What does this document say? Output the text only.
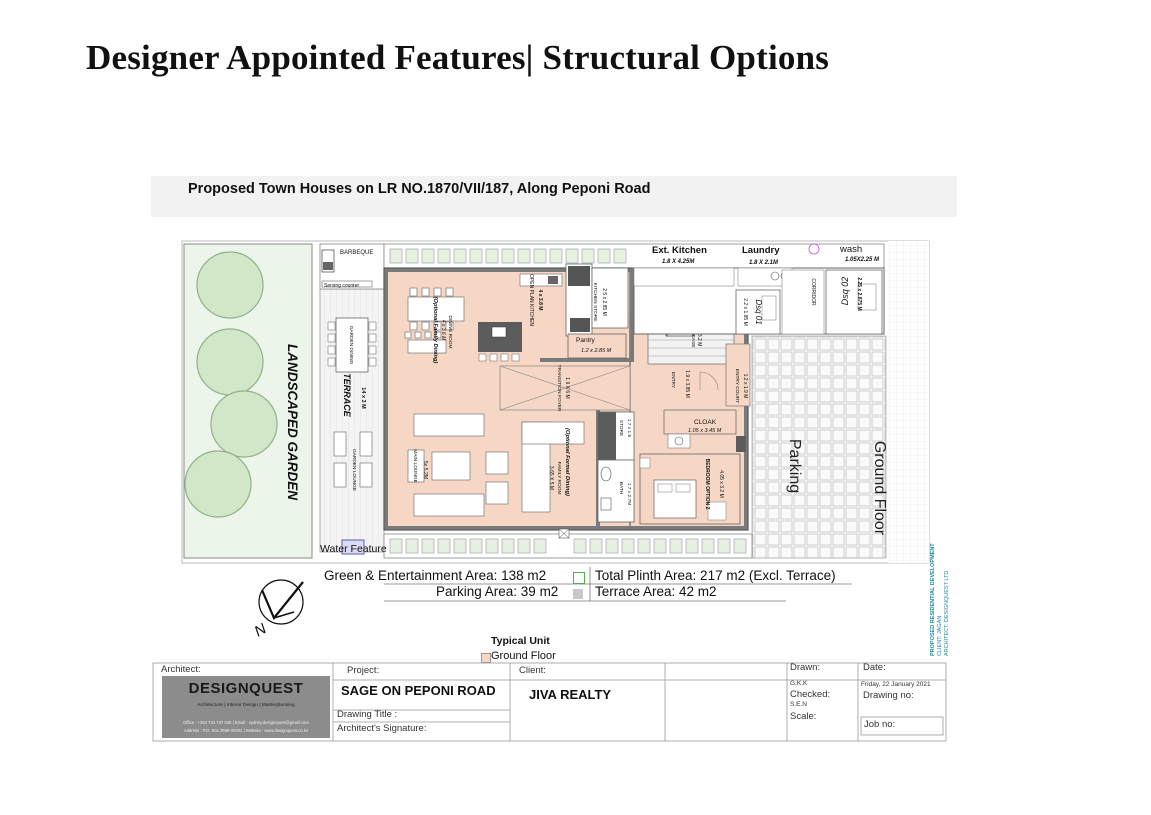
Designer Appointed Features| Structural Options
Proposed Town Houses on LR NO.1870/VII/187, Along Peponi Road
LANDSCAPED GARDEN
BARBEQUE
Serving counter
GARDEN DINING
TERRACE 14 x 3 M
GARDEN LOUNGE
(Optional Family Dining) 4 x 3.6 M DINING ROOM
OPEN PLAN KITCHEN 4 x 3.8 M
TRANSITION FOYER 1.9 X 6 M
MAIN LOUNGE 5x 5.2M	(Optional Formal Dining)
3.65 X 5 M FAMILY ROOM
KITCHEN STORE 2.5 x 2.85 M
Pantry
1.2 x 2.85 M
ENTRY 1.9 x 3.85 M	ENTRY COURT 1.2 x 1.9 M
CLOAK
1.05 x 3.45 M
STORE 1.7 x 1.5
BATH 1.7 x 2.7M	BEDROOM OPTION 2 4.05 x 3.2 M
Ext. Kitchen
1.8 X 4.25M
Laundry
1.8 X 2.1M
wash
1.05X2.25 M
Dsq 01
2.2 x 1.85 M
CORRIDOR	Dsq 02 2.25 x 2.875 M
Parking	Ground Floor
Water Feature
N
Green & Entertainment Area: 138 m2
Parking Area: 39 m2
Total Plinth Area: 217 m2 (Excl. Terrace)
Terrace Area: 42 m2	PROPOSED RESIDENTIAL DEVELOPMENT CLIENT: JAGAN ARCHITECT: DESIGNQUEST LTD
Typical Unit
Ground Floor
Architect:
DESIGNQUEST
Architecture | Interior Design | Masterplanning
Office : +254 724 727 836 | Email : sydney.designquest@gmail.com
Address : P.O. Box 2699-00202 | Website : www.designquest.co.ke
Project:
SAGE ON PEPONI ROAD
Drawing Title :
Architect's Signature:
Client:
JIVA REALTY
Drawn:
G.K.K
Checked:
S.E.N
Scale:
Date:
Friday, 22 January 2021
Drawing no:
Job no:
